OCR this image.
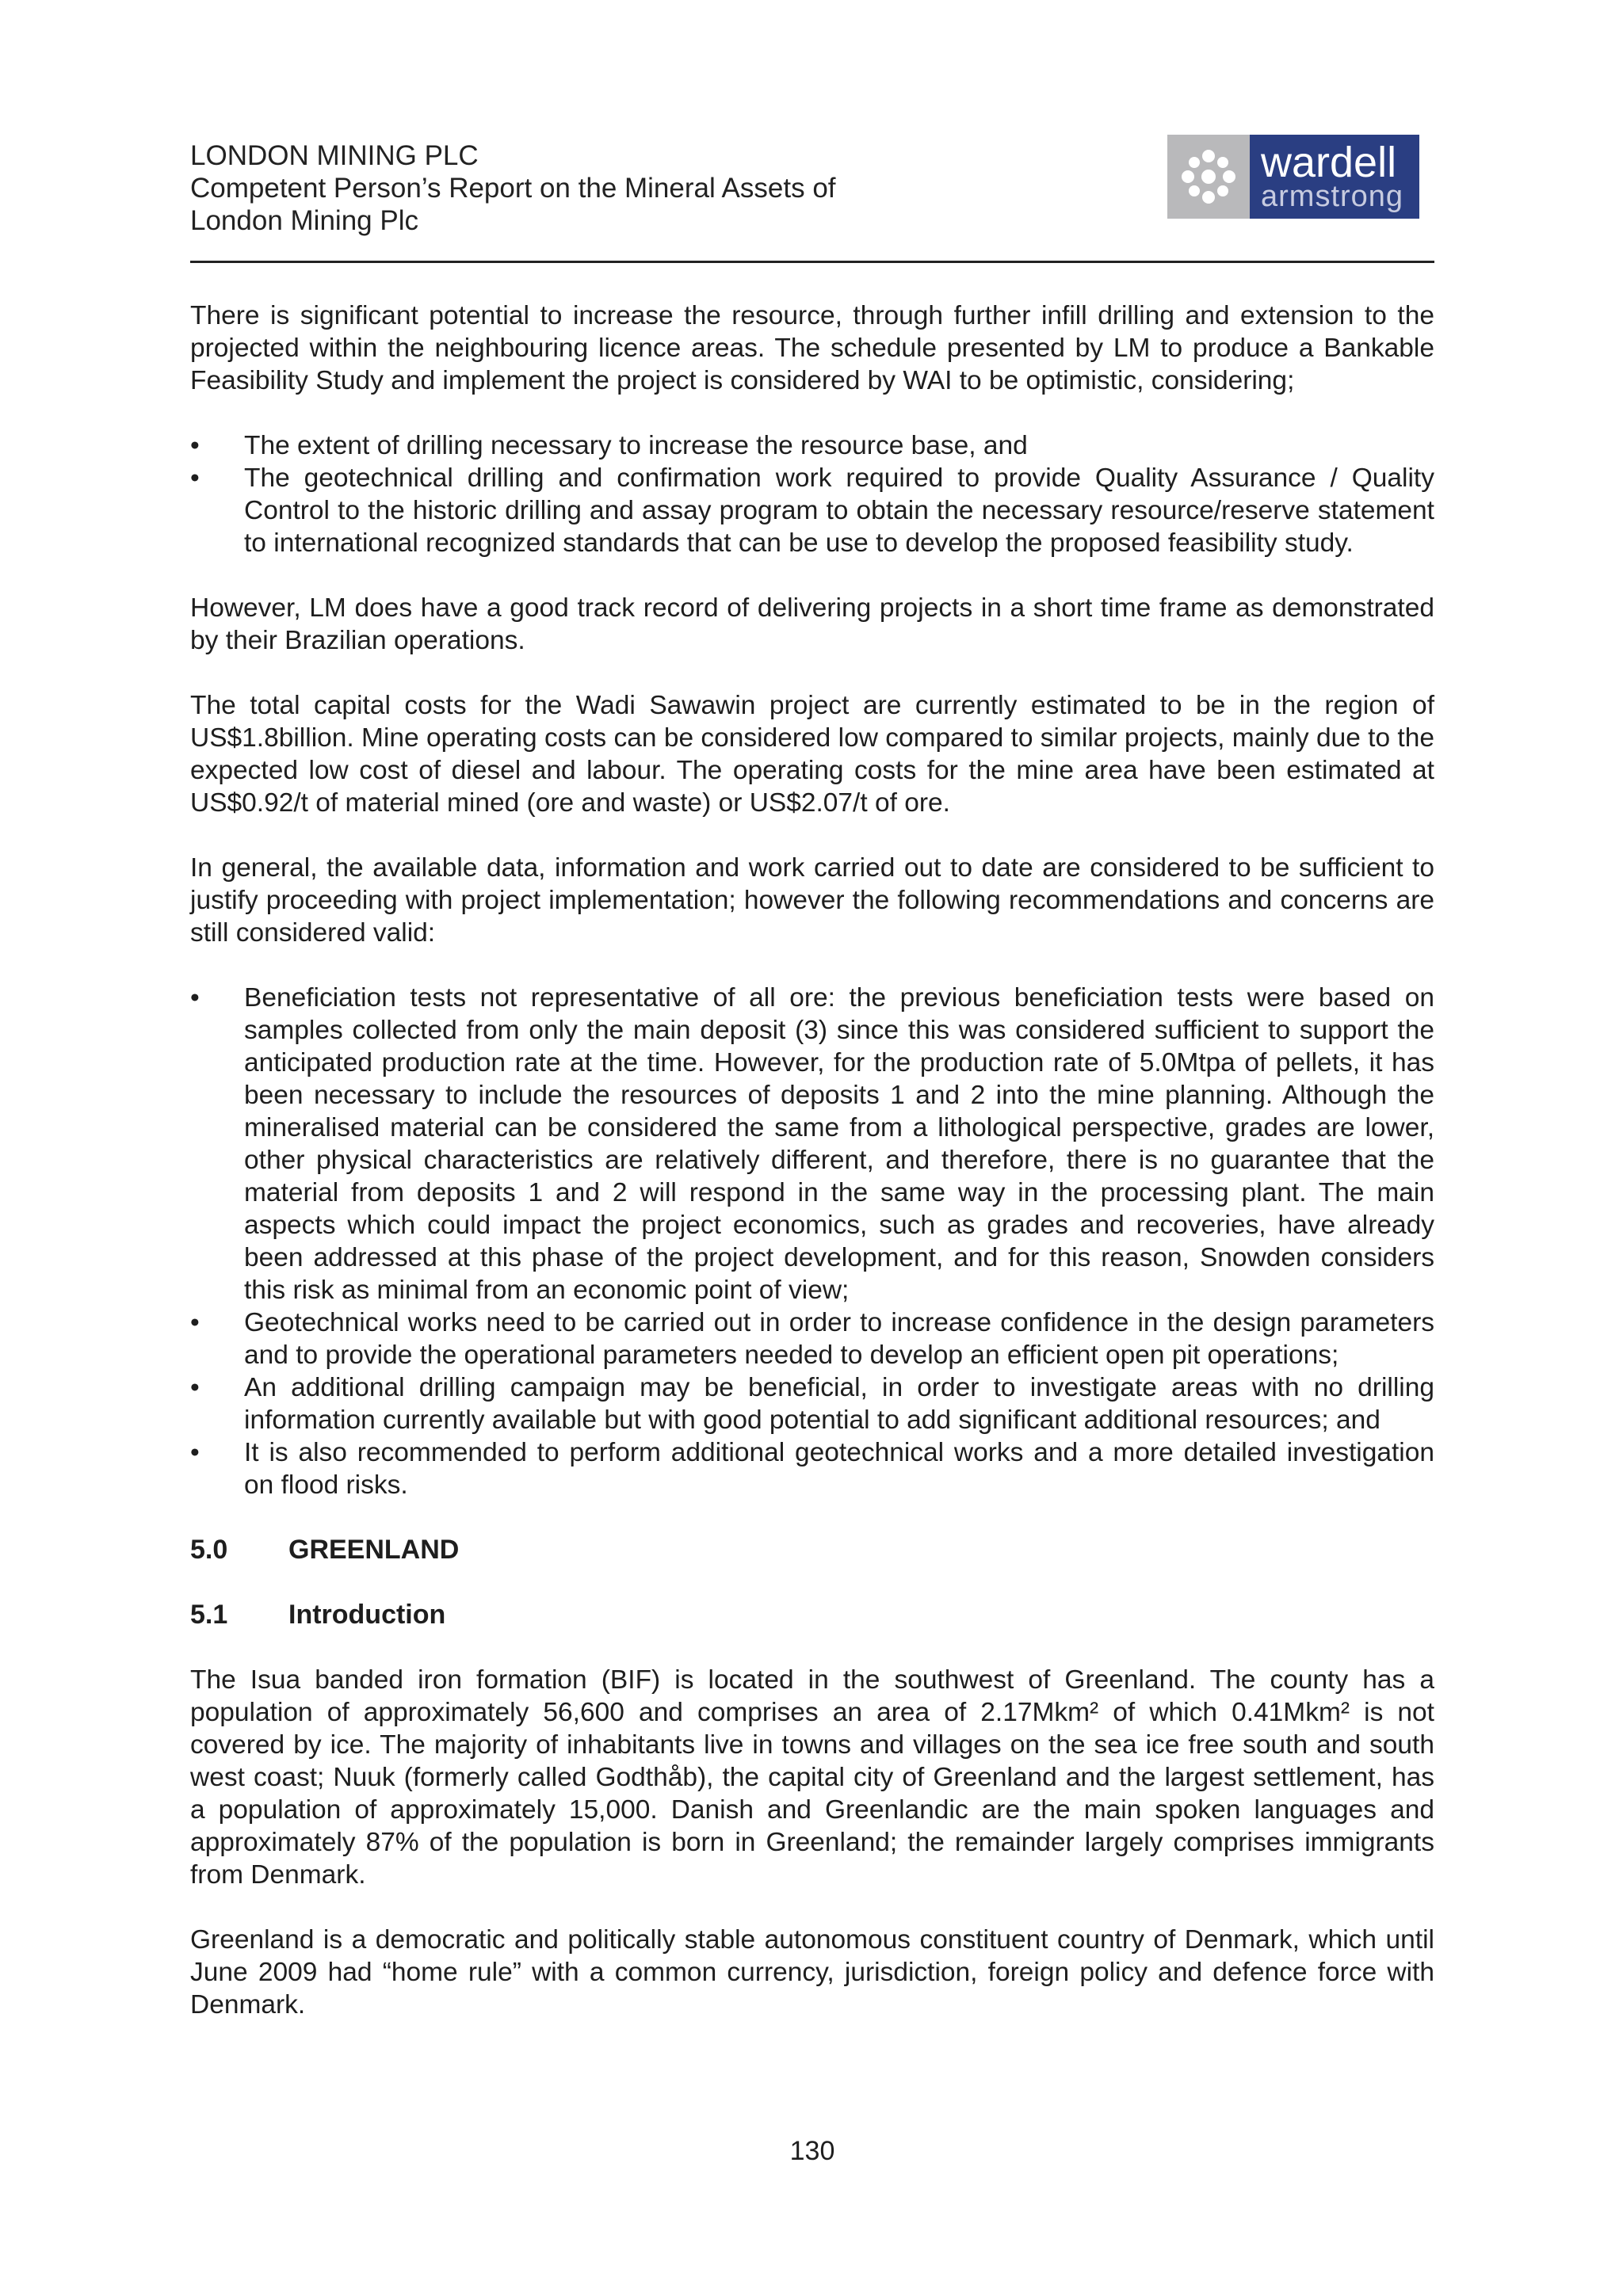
LONDON MINING PLC
Competent Person’s Report on the Mineral Assets of
London Mining Plc
wardell
armstrong

There is significant potential to increase the resource, through further infill drilling and extension to the projected within the neighbouring licence areas. The schedule presented by LM to produce a Bankable Feasibility Study and implement the project is considered by WAI to be optimistic, considering;

• The extent of drilling necessary to increase the resource base, and
• The geotechnical drilling and confirmation work required to provide Quality Assurance / Quality Control to the historic drilling and assay program to obtain the necessary resource/reserve statement to international recognized standards that can be use to develop the proposed feasibility study.

However, LM does have a good track record of delivering projects in a short time frame as demonstrated by their Brazilian operations.

The total capital costs for the Wadi Sawawin project are currently estimated to be in the region of US$1.8billion. Mine operating costs can be considered low compared to similar projects, mainly due to the expected low cost of diesel and labour. The operating costs for the mine area have been estimated at US$0.92/t of material mined (ore and waste) or US$2.07/t of ore.

In general, the available data, information and work carried out to date are considered to be sufficient to justify proceeding with project implementation; however the following recommendations and concerns are still considered valid:

• Beneficiation tests not representative of all ore: the previous beneficiation tests were based on samples collected from only the main deposit (3) since this was considered sufficient to support the anticipated production rate at the time. However, for the production rate of 5.0Mtpa of pellets, it has been necessary to include the resources of deposits 1 and 2 into the mine planning. Although the mineralised material can be considered the same from a lithological perspective, grades are lower, other physical characteristics are relatively different, and therefore, there is no guarantee that the material from deposits 1 and 2 will respond in the same way in the processing plant. The main aspects which could impact the project economics, such as grades and recoveries, have already been addressed at this phase of the project development, and for this reason, Snowden considers this risk as minimal from an economic point of view;
• Geotechnical works need to be carried out in order to increase confidence in the design parameters and to provide the operational parameters needed to develop an efficient open pit operations;
• An additional drilling campaign may be beneficial, in order to investigate areas with no drilling information currently available but with good potential to add significant additional resources; and
• It is also recommended to perform additional geotechnical works and a more detailed investigation on flood risks.
5.0	GREENLAND
5.1	Introduction

The Isua banded iron formation (BIF) is located in the southwest of Greenland. The county has a population of approximately 56,600 and comprises an area of 2.17Mkm² of which 0.41Mkm² is not covered by ice. The majority of inhabitants live in towns and villages on the sea ice free south and south west coast; Nuuk (formerly called Godthåb), the capital city of Greenland and the largest settlement, has a population of approximately 15,000. Danish and Greenlandic are the main spoken languages and approximately 87% of the population is born in Greenland; the remainder largely comprises immigrants from Denmark.

Greenland is a democratic and politically stable autonomous constituent country of Denmark, which until June 2009 had “home rule” with a common currency, jurisdiction, foreign policy and defence force with Denmark.

130
